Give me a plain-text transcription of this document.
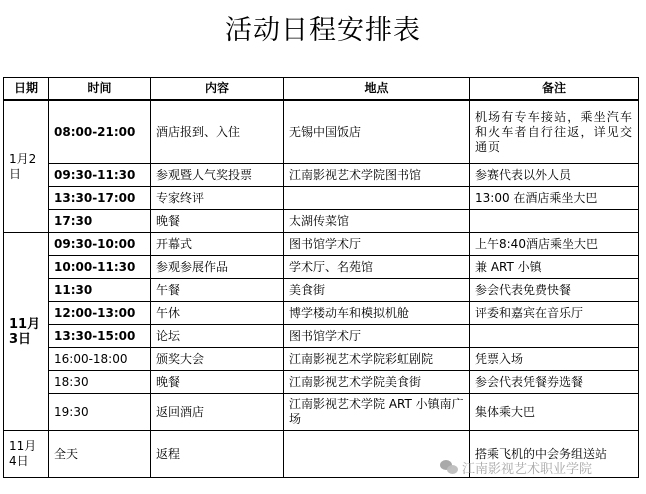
活动日程安排表
日期	时间	内容	地点	备注
1月2日	08:00-21:00	酒店报到、入住	无锡中国饭店	机场有专车接站，乘坐汽车和火车者自行往返，详见交通页
	09:30-11:30	参观暨人气奖投票	江南影视艺术学院图书馆	参赛代表以外人员
	13:30-17:00	专家终评		13:00 在酒店乘坐大巴
	17:30	晚餐	太湖传菜馆	
11月3日	09:30-10:00	开幕式	图书馆学术厅	上午8:40酒店乘坐大巴
	10:00-11:30	参观参展作品	学术厅、名苑馆	兼 ART 小镇
	11:30	午餐	美食街	参会代表免费快餐
	12:00-13:00	午休	博学楼动车和模拟机舱	评委和嘉宾在音乐厅
	13:30-15:00	论坛	图书馆学术厅	
	16:00-18:00	颁奖大会	江南影视艺术学院彩虹剧院	凭票入场
	18:30	晚餐	江南影视艺术学院美食街	参会代表凭餐券选餐
	19:30	返回酒店	江南影视艺术学院 ART 小镇南广场	集体乘大巴
11月4日	全天	返程		搭乘飞机的中会务组送站
江南影视艺术职业学院
